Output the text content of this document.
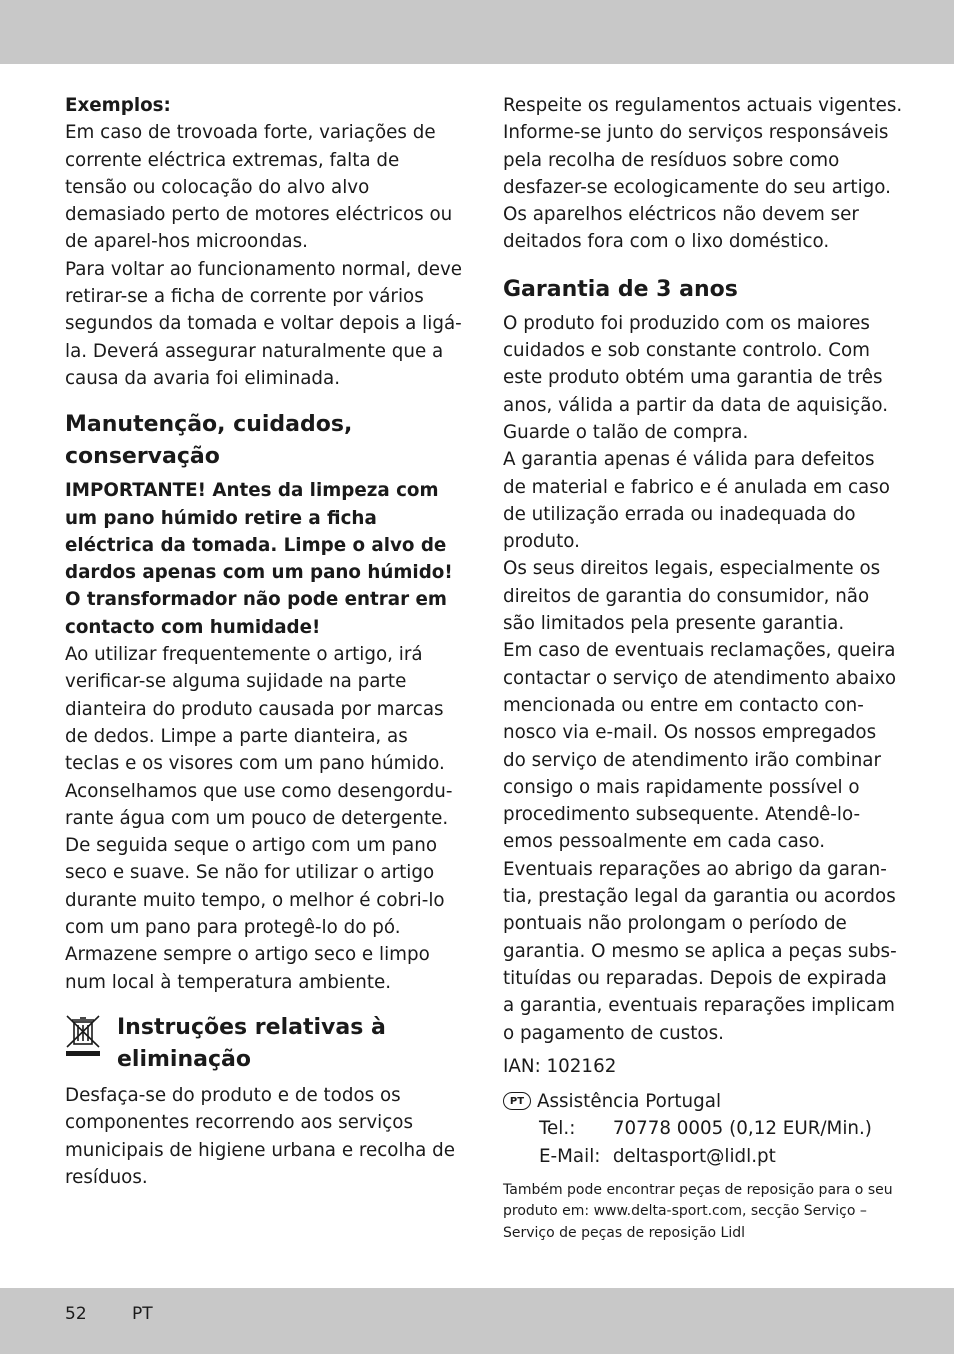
Exemplos:

Em caso de trovoada forte, variações de corrente eléctrica extremas, falta de tensão ou colocação do alvo alvo demasiado perto de motores eléctricos ou de aparel-hos microondas.

Para voltar ao funcionamento normal, deve retirar-se a ficha de corrente por vários segundos da tomada e voltar depois a ligá-la. Deverá assegurar naturalmente que a causa da avaria foi eliminada.

Manutenção, cuidados, conservação

IMPORTANTE! Antes da limpeza com um pano húmido retire a ficha eléctrica da tomada. Limpe o alvo de dardos apenas com um pano húmido! O transformador não pode entrar em contacto com humidade!

Ao utilizar frequentemente o artigo, irá verificar-se alguma sujidade na parte dianteira do produto causada por marcas de dedos. Limpe a parte dianteira, as teclas e os visores com um pano húmido. Aconselhamos que use como desengordu-rante água com um pouco de detergente. De seguida seque o artigo com um pano seco e suave. Se não for utilizar o artigo durante muito tempo, o melhor é cobri-lo com um pano para protegê-lo do pó. Armazene sempre o artigo seco e limpo num local à temperatura ambiente.

Instruções relativas à eliminação

Desfaça-se do produto e de todos os componentes recorrendo aos serviços municipais de higiene urbana e recolha de resíduos.

Respeite os regulamentos actuais vigentes. Informe-se junto do serviços responsáveis pela recolha de resíduos sobre como desfazer-se ecologicamente do seu artigo. Os aparelhos eléctricos não devem ser deitados fora com o lixo doméstico.

Garantia de 3 anos

O produto foi produzido com os maiores cuidados e sob constante controlo. Com este produto obtém uma garantia de três anos, válida a partir da data de aquisição. Guarde o talão de compra.

A garantia apenas é válida para defeitos de material e fabrico e é anulada em caso de utilização errada ou inadequada do produto.

Os seus direitos legais, especialmente os direitos de garantia do consumidor, não são limitados pela presente garantia.

Em caso de eventuais reclamações, queira contactar o serviço de atendimento abaixo mencionada ou entre em contacto con-nosco via e-mail. Os nossos empregados do serviço de atendimento irão combinar consigo o mais rapidamente possível o procedimento subsequente. Atendê-lo-emos pessoalmente em cada caso.

Eventuais reparações ao abrigo da garan-tia, prestação legal da garantia ou acordos pontuais não prolongam o período de garantia. O mesmo se aplica a peças subs-tituídas ou reparadas. Depois de expirada a garantia, eventuais reparações implicam o pagamento de custos.

IAN: 102162

PT Assistência Portugal
Tel.: 70778 0005 (0,12 EUR/Min.)
E-Mail: deltasport@lidl.pt

Também pode encontrar peças de reposição para o seu produto em: www.delta-sport.com, secção Serviço – Serviço de peças de reposição Lidl

52	PT
